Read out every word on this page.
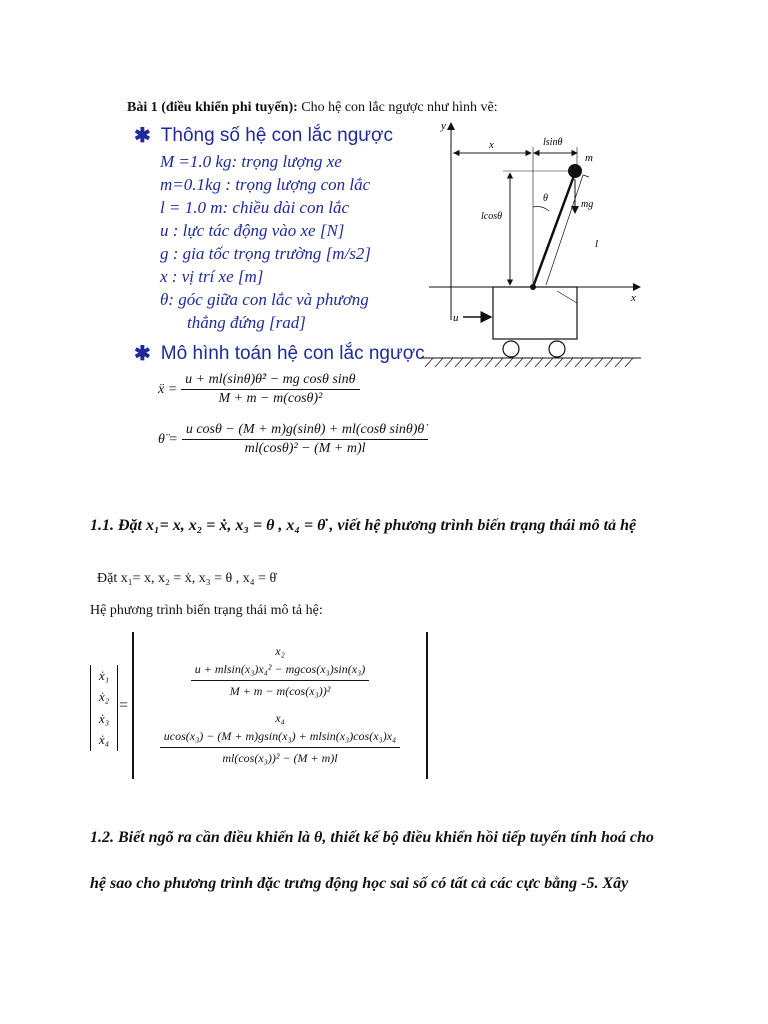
Bài 1 (điều khiển phi tuyến): Cho hệ con lắc ngược như hình vẽ:
✱ Thông số hệ con lắc ngược
M =1.0 kg: trọng lượng xe
m=0.1kg : trọng lượng con lắc
l = 1.0 m: chiều dài con lắc
u : lực tác động vào xe [N]
g : gia tốc trọng trường [m/s2]
x : vị trí xe [m]
θ: góc giữa con lắc và phương
thẳng đứng [rad]
✱ Mô hình toán hệ con lắc ngược
ẍ = $\frac{\text{u + ml(sinθ)θ̇² − mg cosθ sinθ}}{\text{M + m − m(cosθ)²}}$
θ̈ = $\frac{\text{u cosθ − (M + m)g(sinθ) + ml(cosθ sinθ)θ̇}}{\text{ml(cosθ)² − (M + m)l}}$
y
x
x	lsinθ
lcosθ
u
m
θ
mg
l
1.1. Đặt x₁= x, x₂ = ẋ, x₃ = θ , x₄ = θ̇ , viết hệ phương trình biến trạng thái mô tả hệ
Đặt x₁= x, x₂ = ẋ, x₃ = θ , x₄ = θ̇
Hệ phương trình biến trạng thái mô tả hệ:
ẋ₁
ẋ₂
ẋ₃
ẋ₄
=
x₂
$\frac{\text{u + mlsin(x₃)x₄² − mgcos(x₃)sin(x₃)}}{\text{M + m − m(cos(x₃))²}}$
x₄
$\frac{\text{ucos(x₃) − (M + m)gsin(x₃) + mlsin(x₃)cos(x₃)x₄}}{\text{ml(cos(x₃))² − (M + m)l}}$
1.2. Biết ngõ ra cần điều khiển là θ, thiết kế bộ điều khiển hồi tiếp tuyến tính hoá cho
hệ sao cho phương trình đặc trưng động học sai số có tất cả các cực bằng -5. Xây
